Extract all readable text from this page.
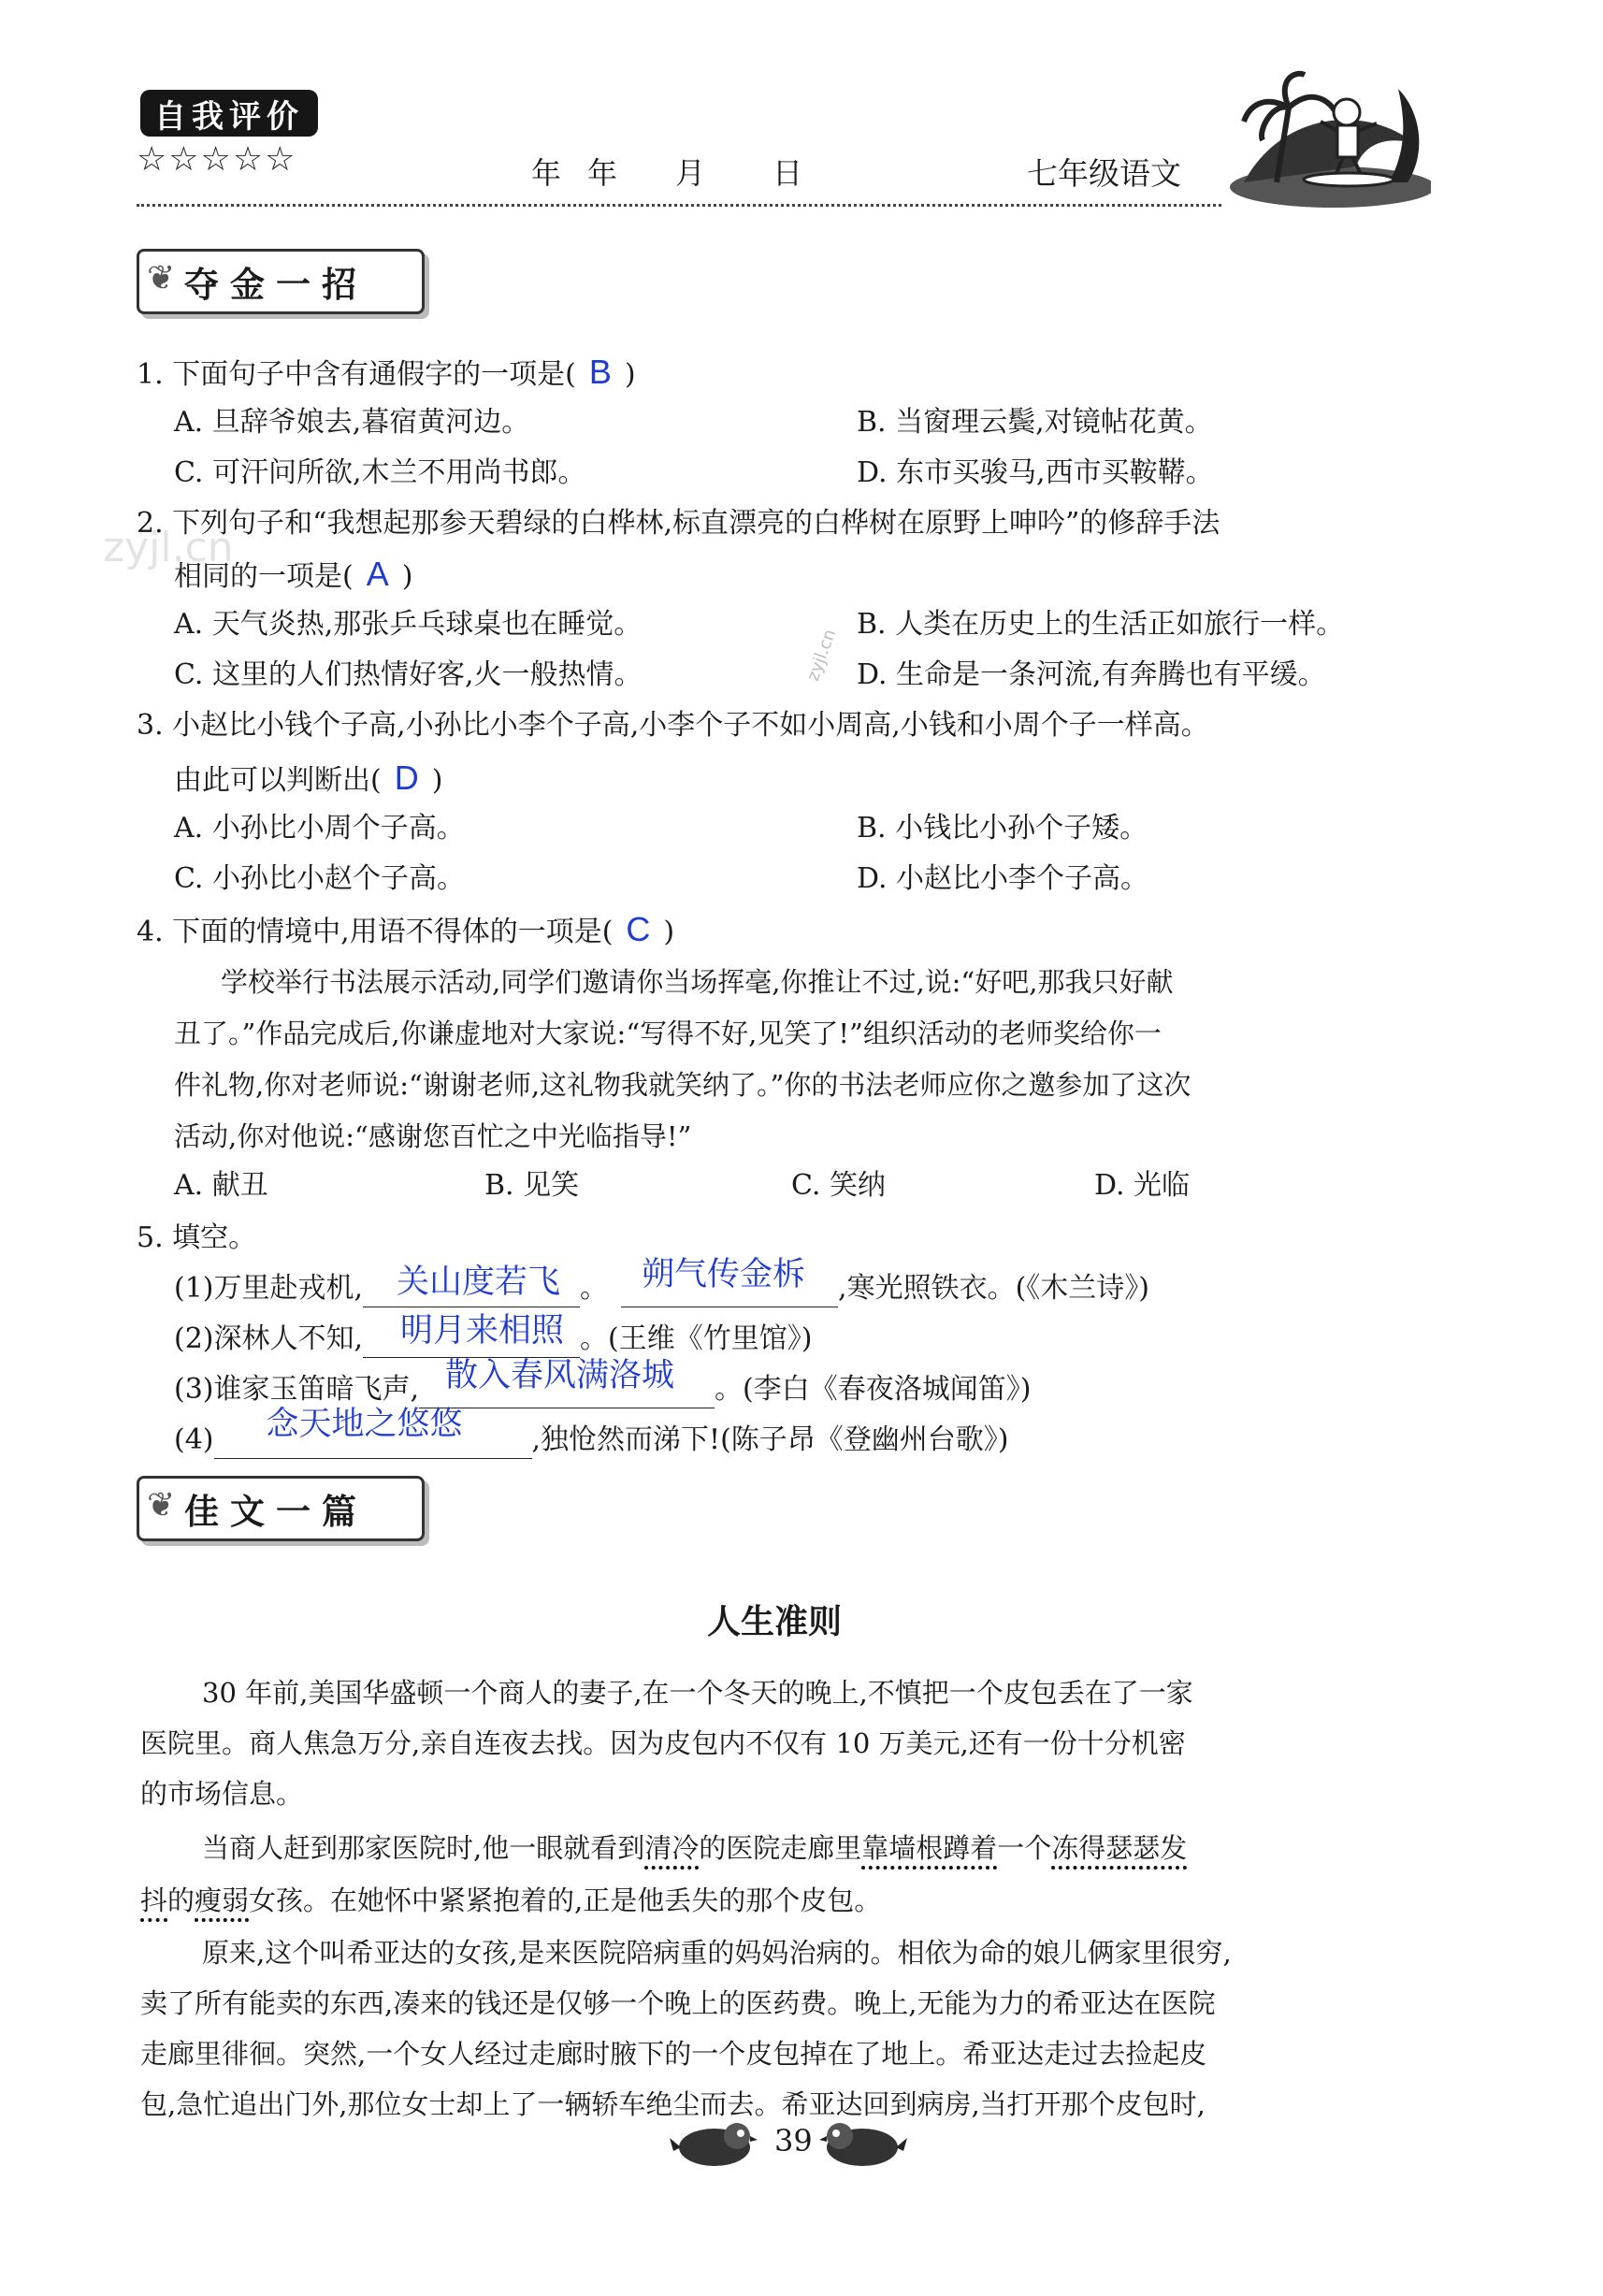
自我评价
☆☆☆☆☆	年 年 月 日	七年级语文
❦ 夺金一招
zyjl.cn
zyjl.cn
1. 下面句子中含有通假字的一项是( B )
A. 旦辞爷娘去,暮宿黄河边。	B. 当窗理云鬓,对镜帖花黄。
C. 可汗问所欲,木兰不用尚书郎。	D. 东市买骏马,西市买鞍鞯。
2. 下列句子和“我想起那参天碧绿的白桦林,标直漂亮的白桦树在原野上呻吟”的修辞手法
相同的一项是( A )
A. 天气炎热,那张乒乓球桌也在睡觉。	B. 人类在历史上的生活正如旅行一样。
C. 这里的人们热情好客,火一般热情。	D. 生命是一条河流,有奔腾也有平缓。
3. 小赵比小钱个子高,小孙比小李个子高,小李个子不如小周高,小钱和小周个子一样高。
由此可以判断出( D )
A. 小孙比小周个子高。	B. 小钱比小孙个子矮。
C. 小孙比小赵个子高。	D. 小赵比小李个子高。
4. 下面的情境中,用语不得体的一项是( C )
学校举行书法展示活动,同学们邀请你当场挥毫,你推让不过,说:“好吧,那我只好献
丑了。”作品完成后,你谦虚地对大家说:“写得不好,见笑了!”组织活动的老师奖给你一
件礼物,你对老师说:“谢谢老师,这礼物我就笑纳了。”你的书法老师应你之邀参加了这次
活动,你对他说:“感谢您百忙之中光临指导!”
A. 献丑	B. 见笑	C. 笑纳	D. 光临
5. 填空。
(1)万里赴戎机, 关山度若飞 。 朔气传金柝 ,寒光照铁衣。(《木兰诗》)
(2)深林人不知, 明月来相照 。(王维《竹里馆》)
(3)谁家玉笛暗飞声, 散入春风满洛城 。(李白《春夜洛城闻笛》)
(4) 念天地之悠悠 ,独怆然而涕下!(陈子昂《登幽州台歌》)
❦ 佳文一篇
人生准则
30 年前,美国华盛顿一个商人的妻子,在一个冬天的晚上,不慎把一个皮包丢在了一家
医院里。商人焦急万分,亲自连夜去找。因为皮包内不仅有 10 万美元,还有一份十分机密
的市场信息。
当商人赶到那家医院时,他一眼就看到清冷的医院走廊里靠墙根蹲着一个冻得瑟瑟发
抖的瘦弱女孩。在她怀中紧紧抱着的,正是他丢失的那个皮包。
原来,这个叫希亚达的女孩,是来医院陪病重的妈妈治病的。相依为命的娘儿俩家里很穷,
卖了所有能卖的东西,凑来的钱还是仅够一个晚上的医药费。晚上,无能为力的希亚达在医院
走廊里徘徊。突然,一个女人经过走廊时腋下的一个皮包掉在了地上。希亚达走过去捡起皮
包,急忙追出门外,那位女士却上了一辆轿车绝尘而去。希亚达回到病房,当打开那个皮包时,
39
